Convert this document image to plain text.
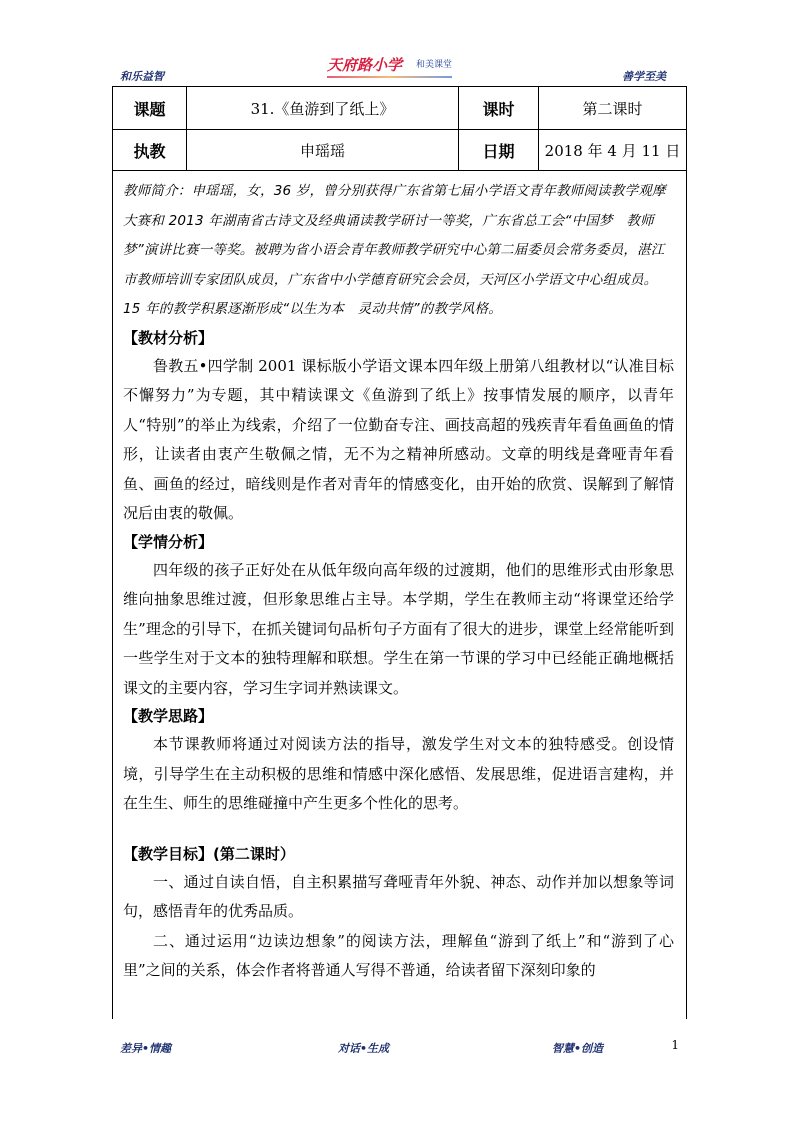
和乐益智
天府路小学 和美课堂
善学至美
课题	31.《鱼游到了纸上》	课时	第二课时
执教	申瑶瑶	日期 2018 年 4 月 11 日

教师简介：申瑶瑶，女，36 岁，曾分别获得广东省第七届小学语文青年教师阅读教学观摩大赛和 2013 年湖南省古诗文及经典诵读教学研讨一等奖，广东省总工会“中国梦　教师梦”演讲比赛一等奖。被聘为省小语会青年教师教学研究中心第二届委员会常务委员，湛江市教师培训专家团队成员，广东省中小学德育研究会会员，天河区小学语文中心组成员。15 年的教学积累逐渐形成“以生为本　灵动共情”的教学风格。

【教材分析】

鲁教五•四学制 2001 课标版小学语文课本四年级上册第八组教材以“认准目标　不懈努力”为专题，其中精读课文《鱼游到了纸上》按事情发展的顺序，以青年人“特别”的举止为线索，介绍了一位勤奋专注、画技高超的残疾青年看鱼画鱼的情形，让读者由衷产生敬佩之情，无不为之精神所感动。文章的明线是聋哑青年看鱼、画鱼的经过，暗线则是作者对青年的情感变化，由开始的欣赏、误解到了解情况后由衷的敬佩。

【学情分析】

四年级的孩子正好处在从低年级向高年级的过渡期，他们的思维形式由形象思维向抽象思维过渡，但形象思维占主导。本学期，学生在教师主动“将课堂还给学生”理念的引导下，在抓关键词句品析句子方面有了很大的进步，课堂上经常能听到一些学生对于文本的独特理解和联想。学生在第一节课的学习中已经能正确地概括课文的主要内容，学习生字词并熟读课文。

【教学思路】

本节课教师将通过对阅读方法的指导，激发学生对文本的独特感受。创设情境，引导学生在主动积极的思维和情感中深化感悟、发展思维，促进语言建构，并在生生、师生的思维碰撞中产生更多个性化的思考。

【教学目标】(第二课时）

一、通过自读自悟，自主积累描写聋哑青年外貌、神态、动作并加以想象等词句，感悟青年的优秀品质。

二、通过运用“边读边想象”的阅读方法，理解鱼“游到了纸上”和“游到了心里”之间的关系，体会作者将普通人写得不普通，给读者留下深刻印象的

差异•情趣	对话•生成	智慧•创造	1
